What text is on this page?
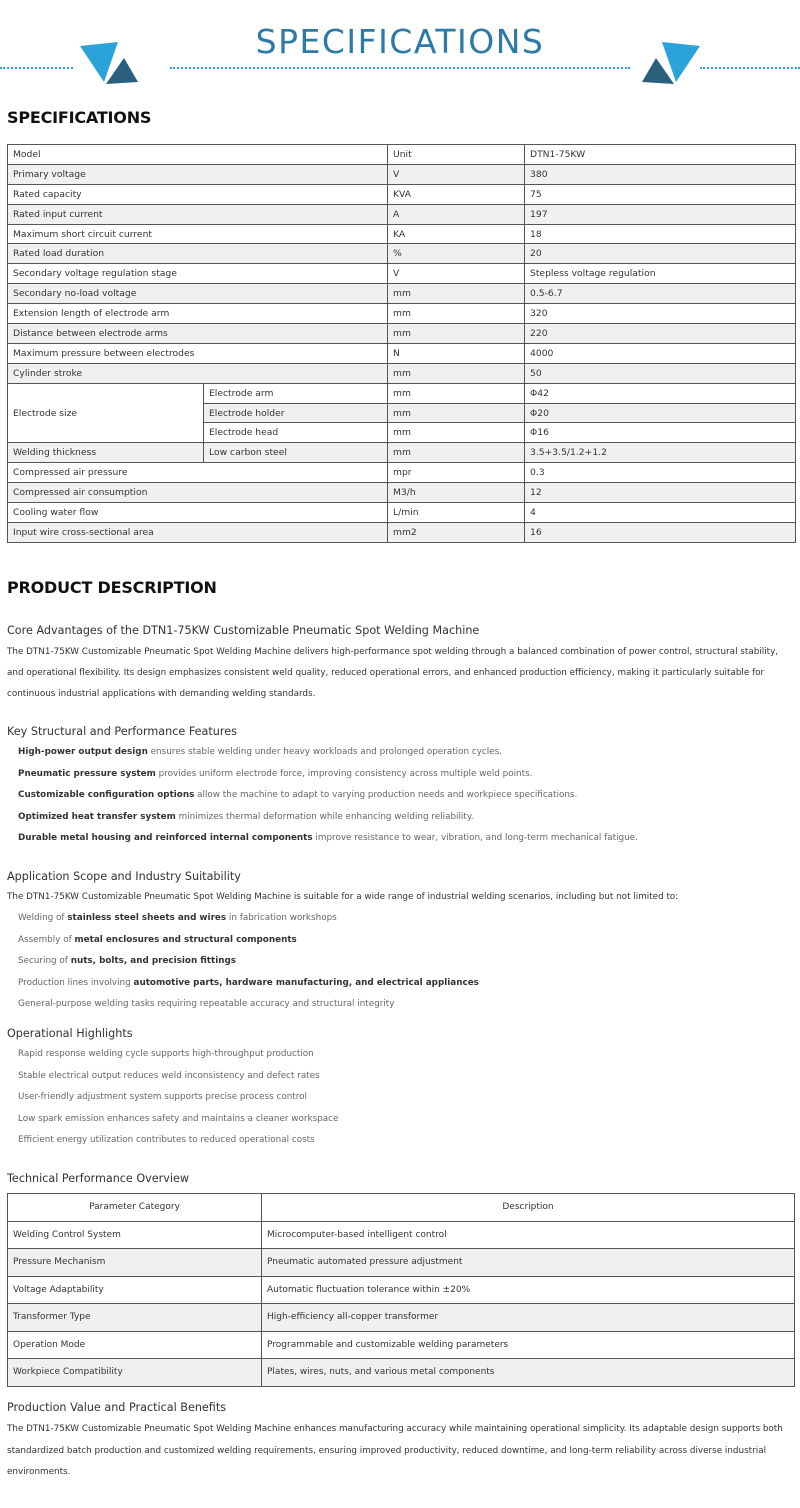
SPECIFICATIONS
SPECIFICATIONS
Model		Unit	DTN1-75KW
Primary voltage		V	380
Rated capacity		KVA	75
Rated input current		A	197
Maximum short circuit current		KA	18
Rated load duration		%	20
Secondary voltage regulation stage		V	Stepless voltage regulation
Secondary no-load voltage		mm	0.5-6.7
Extension length of electrode arm		mm	320
Distance between electrode arms		mm	220
Maximum pressure between electrodes		N	4000
Cylinder stroke		mm	50
Electrode size	Electrode arm	mm	Φ42
	Electrode holder	mm	Φ20
	Electrode head	mm	Φ16
Welding thickness	Low carbon steel	mm	3.5+3.5/1.2+1.2
Compressed air pressure		mpr	0.3
Compressed air consumption		M3/h	12
Cooling water flow		L/min	4
Input wire cross-sectional area		mm2	16
PRODUCT DESCRIPTION

Core Advantages of the DTN1-75KW Customizable Pneumatic Spot Welding Machine

The DTN1-75KW Customizable Pneumatic Spot Welding Machine delivers high-performance spot welding through a balanced combination of power control, structural stability, and operational flexibility. Its design emphasizes consistent weld quality, reduced operational errors, and enhanced production efficiency, making it particularly suitable for continuous industrial applications with demanding welding standards.

Key Structural and Performance Features

High-power output design ensures stable welding under heavy workloads and prolonged operation cycles.

Pneumatic pressure system provides uniform electrode force, improving consistency across multiple weld points.

Customizable configuration options allow the machine to adapt to varying production needs and workpiece specifications.

Optimized heat transfer system minimizes thermal deformation while enhancing welding reliability.

Durable metal housing and reinforced internal components improve resistance to wear, vibration, and long-term mechanical fatigue.

Application Scope and Industry Suitability

The DTN1-75KW Customizable Pneumatic Spot Welding Machine is suitable for a wide range of industrial welding scenarios, including but not limited to:

Welding of stainless steel sheets and wires in fabrication workshops

Assembly of metal enclosures and structural components

Securing of nuts, bolts, and precision fittings

Production lines involving automotive parts, hardware manufacturing, and electrical appliances

General-purpose welding tasks requiring repeatable accuracy and structural integrity

Operational Highlights

Rapid response welding cycle supports high-throughput production

Stable electrical output reduces weld inconsistency and defect rates

User-friendly adjustment system supports precise process control

Low spark emission enhances safety and maintains a cleaner workspace

Efficient energy utilization contributes to reduced operational costs

Technical Performance Overview

Parameter Category	Description
Welding Control System	Microcomputer-based intelligent control
Pressure Mechanism	Pneumatic automated pressure adjustment
Voltage Adaptability	Automatic fluctuation tolerance within ±20%
Transformer Type	High-efficiency all-copper transformer
Operation Mode	Programmable and customizable welding parameters
Workpiece Compatibility	Plates, wires, nuts, and various metal components

Production Value and Practical Benefits

The DTN1-75KW Customizable Pneumatic Spot Welding Machine enhances manufacturing accuracy while maintaining operational simplicity. Its adaptable design supports both standardized batch production and customized welding requirements, ensuring improved productivity, reduced downtime, and long-term reliability across diverse industrial environments.
